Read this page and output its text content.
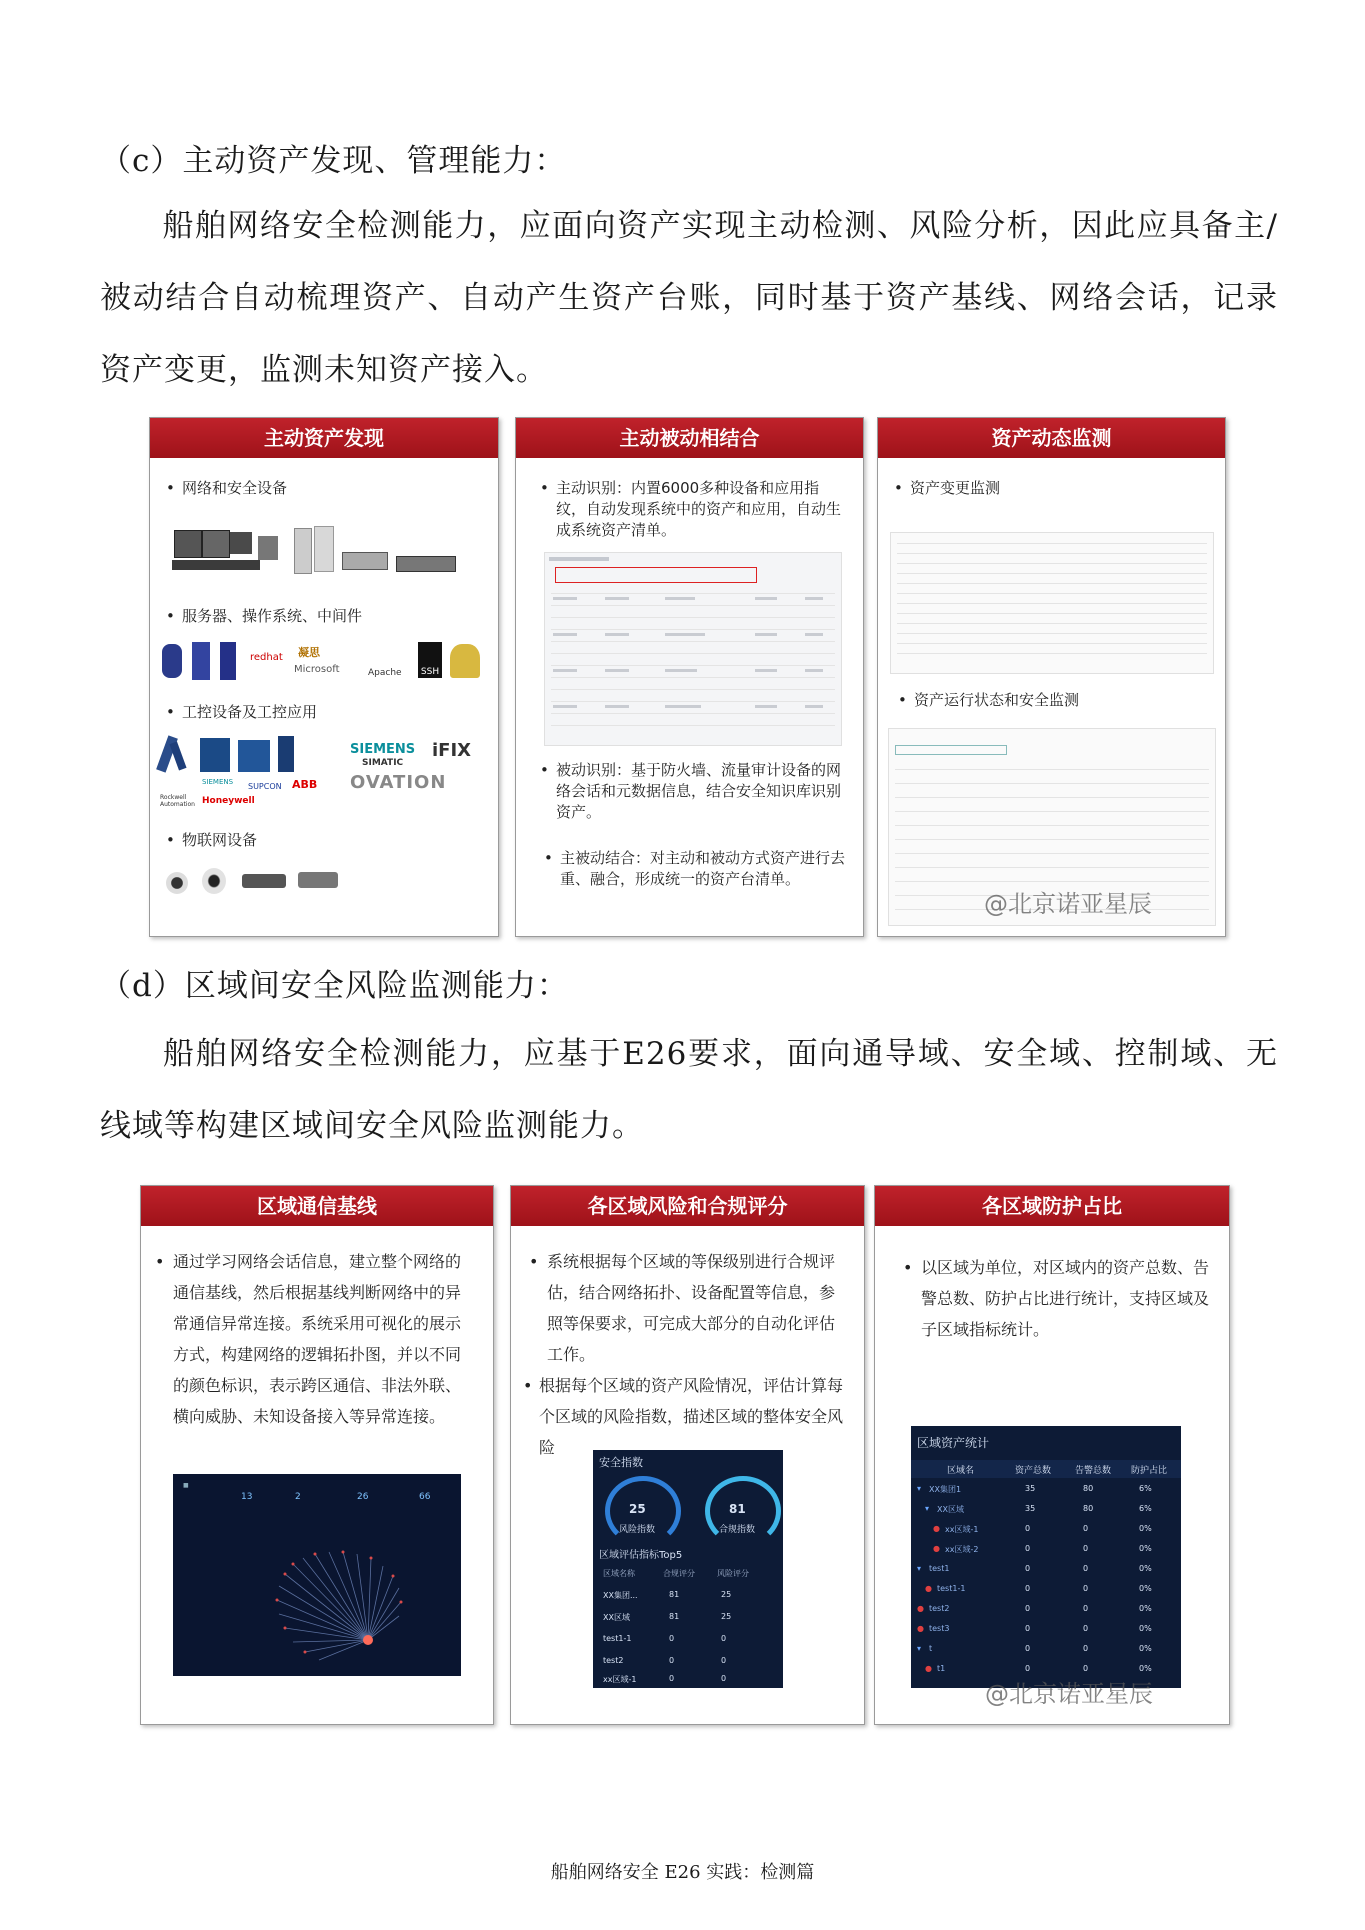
（c）主动资产发现、管理能力：
船舶网络安全检测能力，应面向资产实现主动检测、风险分析，因此应具备主/被动结合自动梳理资产、自动产生资产台账，同时基于资产基线、网络会话，记录资产变更，监测未知资产接入。
主动资产发现
• 网络和安全设备
• 服务器、操作系统、中间件
redhat 凝思
Microsoft	Apache	SSH
• 工控设备及工控应用
SIEMENS
SIMATIC
iFIX
OVATION
SIEMENS SUPCON ABB
Honeywell
Rockwell Automation
• 物联网设备
主动被动相结合
• 主动识别：内置6000多种设备和应用指纹，自动发现系统中的资产和应用，自动生成系统资产清单。
• 被动识别：基于防火墙、流量审计设备的网络会话和元数据信息，结合安全知识库识别资产。
• 主被动结合：对主动和被动方式资产进行去重、融合，形成统一的资产台清单。
资产动态监测
• 资产变更监测
• 资产运行状态和安全监测
@北京诺亚星辰
（d）区域间安全风险监测能力：
船舶网络安全检测能力，应基于E26要求，面向通导域、安全域、控制域、无线域等构建区域间安全风险监测能力。
区域通信基线
• 通过学习网络会话信息，建立整个网络的通信基线，然后根据基线判断网络中的异常通信异常连接。系统采用可视化的展示方式，构建网络的逻辑拓扑图，并以不同的颜色标识，表示跨区通信、非法外联、横向威胁、未知设备接入等异常连接。
■
13	2	26	66
各区域风险和合规评分
• 系统根据每个区域的等保级别进行合规评估，结合网络拓扑、设备配置等信息，参照等保要求，可完成大部分的自动化评估工作。
• 根据每个区域的资产风险情况，评估计算每个区域的风险指数，描述区域的整体安全风险
安全指数
25
风险指数
81
合规指数
区域评估指标Top5
区域名称	合规评分	风险评分
XX集团...	81	25
XX区域	81	25
test1-1	0	0
test2	0	0
xx区域-1	0	0
各区域防护占比
• 以区域为单位，对区域内的资产总数、告警总数、防护占比进行统计，支持区域及子区域指标统计。
区域资产统计
区域名	资产总数	告警总数 防护占比
▾ XX集团1	35	80	6%
▾ XX区域	35	80	6%
● xx区域-1	0	0	0%
● xx区域-2	0	0	0%
▾ test1	0	0	0%
● test1-1	0	0	0%
● test2	0	0	0%
● test3	0	0	0%
▾ t	0	0	0%
● t1	0	0	0%
@北京诺亚星辰
船舶网络安全 E26 实践：检测篇
